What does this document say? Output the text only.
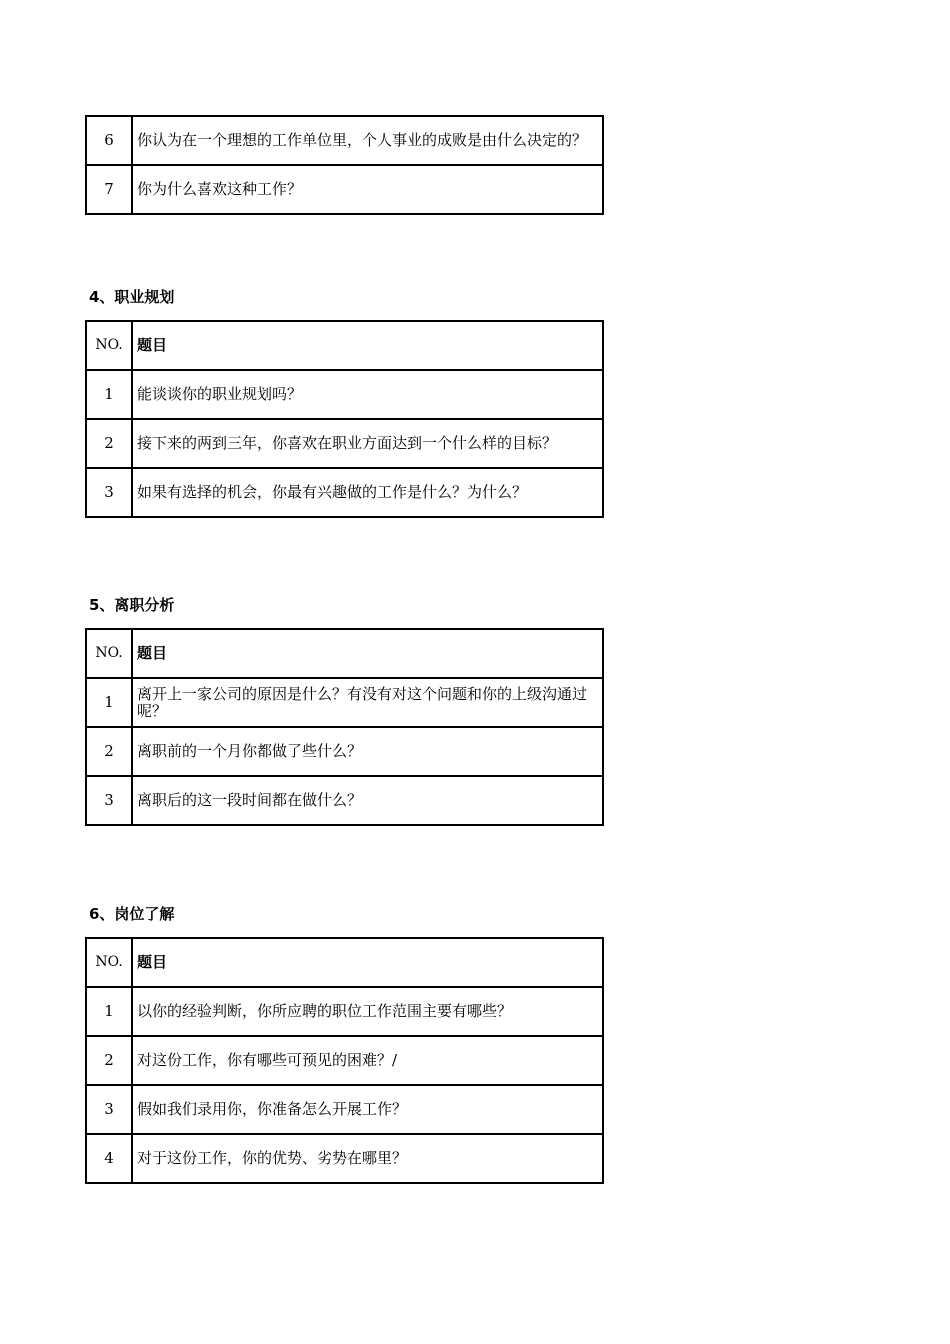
6	你认为在一个理想的工作单位里，个人事业的成败是由什么决定的？
7	你为什么喜欢这种工作？
4、职业规划
NO.	题目
1	能谈谈你的职业规划吗？
2	接下来的两到三年，你喜欢在职业方面达到一个什么样的目标？
3	如果有选择的机会，你最有兴趣做的工作是什么？为什么？
5、离职分析
NO.	题目
1	离开上一家公司的原因是什么？有没有对这个问题和你的上级沟通过呢？
2	离职前的一个月你都做了些什么？
3	离职后的这一段时间都在做什么？
6、岗位了解
NO.	题目
1	以你的经验判断，你所应聘的职位工作范围主要有哪些？
2	对这份工作，你有哪些可预见的困难？/
3	假如我们录用你，你准备怎么开展工作？
4	对于这份工作，你的优势、劣势在哪里？
